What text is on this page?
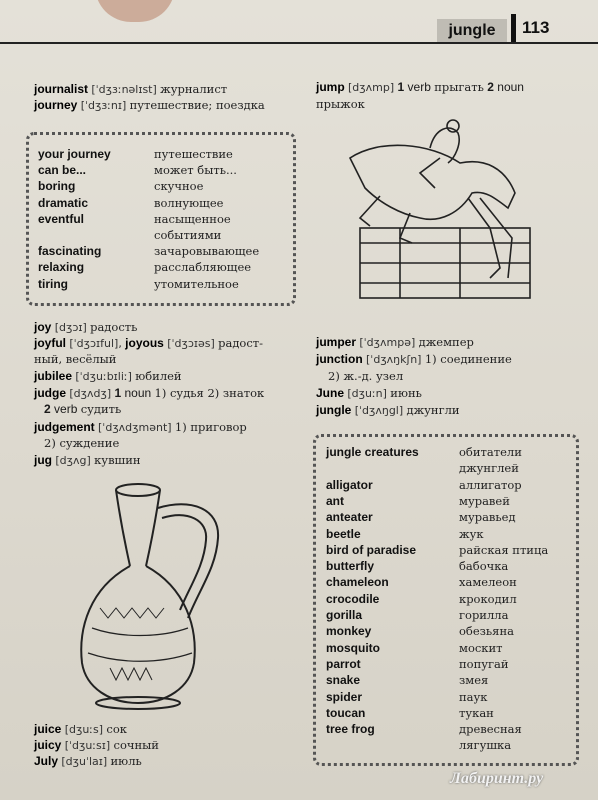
jungle	113
journalist [ˈdʒɜːnəlɪst] журналист
journey [ˈdʒɜːnɪ] путешествие; поездка
your journey	путешествие
can be...	может быть...
boring	скучное
dramatic	волнующее
eventful	насыщенное
событиями
fascinating	зачаровывающее
relaxing	расслабляющее
tiring	утомительное
joy [dʒɔɪ] радость
joyful [ˈdʒɔɪful], joyous [ˈdʒɔɪəs] радост-
ный, весёлый
jubilee [ˈdʒuːbɪliː] юбилей
judge [dʒʌdʒ] 1 noun 1) судья 2) знаток
2 verb судить
judgement [ˈdʒʌdʒmənt] 1) приговор
2) суждение
jug [dʒʌg] кувшин
juice [dʒuːs] сок
juicy [ˈdʒuːsɪ] сочный
July [dʒuˈlaɪ] июль
jump [dʒʌmp] 1 verb прыгать 2 noun
прыжок
jumper [ˈdʒʌmpə] джемпер
junction [ˈdʒʌŋkʃn] 1) соединение
2) ж.-д. узел
June [dʒuːn] июнь
jungle [ˈdʒʌŋgl] джунгли
jungle creatures	обитатели
джунглей
alligator	аллигатор
ant	муравей
anteater	муравьед
beetle	жук
bird of paradise	райская птица
butterfly	бабочка
chameleon	хамелеон
crocodile	крокодил
gorilla	горилла
monkey	обезьяна
mosquito	москит
parrot	попугай
snake	змея
spider	паук
toucan	тукан
tree frog	древесная
лягушка
Лабиринт.ру
